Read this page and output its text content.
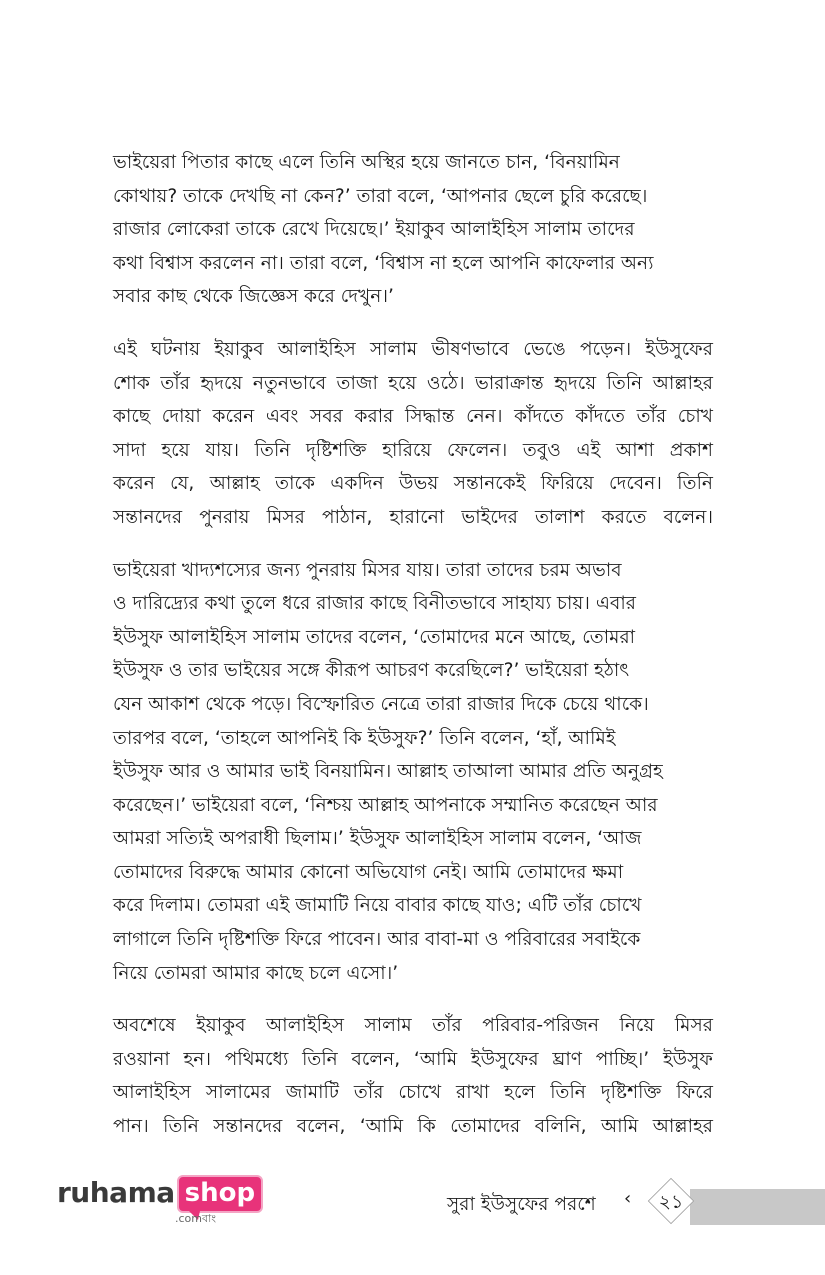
ভাইয়েরা পিতার কাছে এলে তিনি অস্থির হয়ে জানতে চান, ‘বিনয়ামিন
কোথায়? তাকে দেখছি না কেন?’ তারা বলে, ‘আপনার ছেলে চুরি করেছে।
রাজার লোকেরা তাকে রেখে দিয়েছে।’ ইয়াকুব আলাইহিস সালাম তাদের
কথা বিশ্বাস করলেন না। তারা বলে, ‘বিশ্বাস না হলে আপনি কাফেলার অন্য
সবার কাছ থেকে জিজ্ঞেস করে দেখুন।’

এই ঘটনায় ইয়াকুব আলাইহিস সালাম ভীষণভাবে ভেঙে পড়েন। ইউসুফের
শোক তাঁর হৃদয়ে নতুনভাবে তাজা হয়ে ওঠে। ভারাক্রান্ত হৃদয়ে তিনি আল্লাহর
কাছে দোয়া করেন এবং সবর করার সিদ্ধান্ত নেন। কাঁদতে কাঁদতে তাঁর চোখ
সাদা হয়ে যায়। তিনি দৃষ্টিশক্তি হারিয়ে ফেলেন। তবুও এই আশা প্রকাশ
করেন যে, আল্লাহ তাকে একদিন উভয় সন্তানকেই ফিরিয়ে দেবেন। তিনি
সন্তানদের পুনরায় মিসর পাঠান, হারানো ভাইদের তালাশ করতে বলেন।

ভাইয়েরা খাদ্যশস্যের জন্য পুনরায় মিসর যায়। তারা তাদের চরম অভাব
ও দারিদ্র্যের কথা তুলে ধরে রাজার কাছে বিনীতভাবে সাহায্য চায়। এবার
ইউসুফ আলাইহিস সালাম তাদের বলেন, ‘তোমাদের মনে আছে, তোমরা
ইউসুফ ও তার ভাইয়ের সঙ্গে কীরূপ আচরণ করেছিলে?’ ভাইয়েরা হঠাৎ
যেন আকাশ থেকে পড়ে। বিস্ফোরিত নেত্রে তারা রাজার দিকে চেয়ে থাকে।
তারপর বলে, ‘তাহলে আপনিই কি ইউসুফ?’ তিনি বলেন, ‘হাঁ, আমিই
ইউসুফ আর ও আমার ভাই বিনয়ামিন। আল্লাহ তাআলা আমার প্রতি অনুগ্রহ
করেছেন।’ ভাইয়েরা বলে, ‘নিশ্চয় আল্লাহ আপনাকে সম্মানিত করেছেন আর
আমরা সত্যিই অপরাধী ছিলাম।’ ইউসুফ আলাইহিস সালাম বলেন, ‘আজ
তোমাদের বিরুদ্ধে আমার কোনো অভিযোগ নেই। আমি তোমাদের ক্ষমা
করে দিলাম। তোমরা এই জামাটি নিয়ে বাবার কাছে যাও; এটি তাঁর চোখে
লাগালে তিনি দৃষ্টিশক্তি ফিরে পাবেন। আর বাবা-মা ও পরিবারের সবাইকে
নিয়ে তোমরা আমার কাছে চলে এসো।’

অবশেষে ইয়াকুব আলাইহিস সালাম তাঁর পরিবার-পরিজন নিয়ে মিসর
রওয়ানা হন। পথিমধ্যে তিনি বলেন, ‘আমি ইউসুফের ঘ্রাণ পাচ্ছি।’ ইউসুফ
আলাইহিস সালামের জামাটি তাঁর চোখে রাখা হলে তিনি দৃষ্টিশক্তি ফিরে
পান। তিনি সন্তানদের বলেন, ‘আমি কি তোমাদের বলিনি, আমি আল্লাহর

ruhama shop
.comবাং
সুরা ইউসুফের পরশে ‹	২১
